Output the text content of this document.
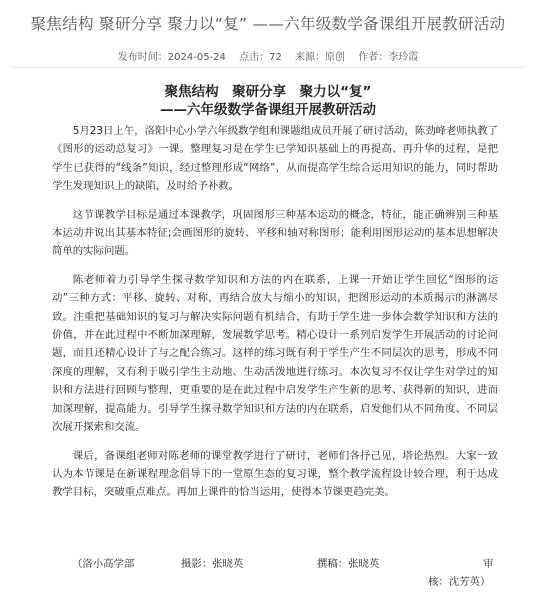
聚焦结构 聚研分享 聚力以“复” ——六年级数学备课组开展教研活动
发布时间：2024-05-24 点击：72 来源：原创 作者：李玲霞
聚焦结构　聚研分享　聚力以“复”
——六年级数学备课组开展教研活动

5月23日上午，洛阳中心小学六年级数学组和课题组成员开展了研讨活动，陈劲峰老师执教了《图形的运动总复习》一课。整理复习是在学生已学知识基础上的再提高、再升华的过程，是把学生已获得的“线条”知识，经过整理形成“网络”，从而提高学生综合运用知识的能力，同时帮助学生发现知识上的缺陷，及时给予补救。

这节课教学目标是通过本课教学，巩固图形三种基本运动的概念，特征，能正确辨别三种基本运动并说出其基本特征;会画图形的旋转、平移和轴对称图形；能利用图形运动的基本思想解决简单的实际问题。

陈老师着力引导学生探寻数学知识和方法的内在联系，上课一开始让学生回忆“图形的运动”三种方式：平移、旋转、对称，再结合放大与缩小的知识，把图形运动的本质揭示的淋漓尽致。注重把基础知识的复习与解决实际问题有机结合，有助于学生进一步体会数学知识和方法的价值，并在此过程中不断加深理解，发展数学思考。精心设计一系列启发学生开展活动的讨论问题，而且还精心设计了与之配合练习。这样的练习既有利于学生产生不同层次的思考，形成不同深度的理解，又有利于吸引学生主动地、生动活泼地进行练习。本次复习不仅让学生对学过的知识和方法进行回顾与整理，更重要的是在此过程中启发学生产生新的思考、获得新的知识，进而加深理解，提高能力。引导学生探寻数学知识和方法的内在联系，启发他们从不同角度、不同层次展开探索和交流。

课后，备课组老师对陈老师的课堂教学进行了研讨，老师们各抒己见，塔论热烈。大家一致认为本节课是在新课程理念倡导下的一堂原生态的复习课，整个教学流程设计较合理，利于达成教学目标，突破重点难点。再加上课件的恰当运用，使得本节课更趋完美。

（洛小高学部	摄影：张晓英	撰稿：张晓英	审
核：沈芳英）
